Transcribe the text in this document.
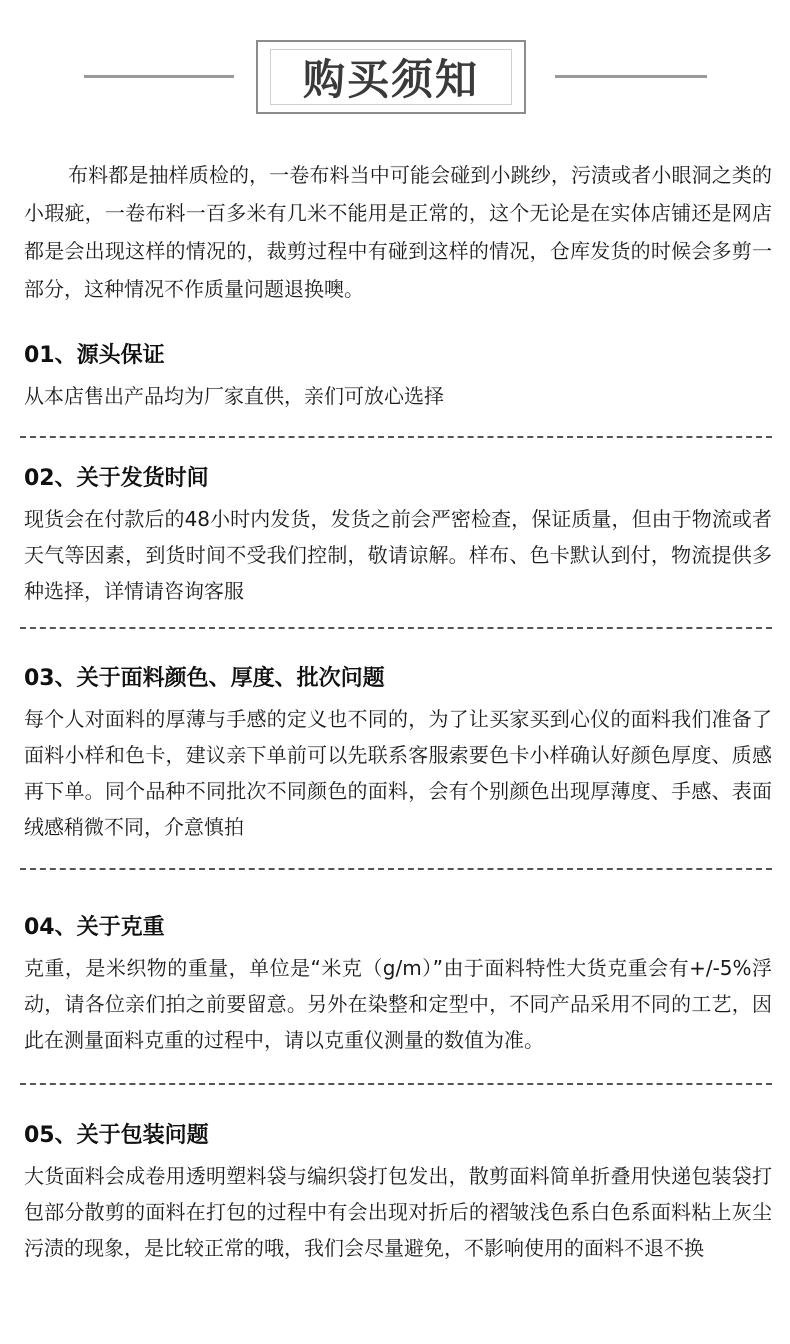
购买须知

布料都是抽样质检的，一卷布料当中可能会碰到小跳纱，污渍或者小眼洞之类的小瑕疵，一卷布料一百多米有几米不能用是正常的，这个无论是在实体店铺还是网店都是会出现这样的情况的，裁剪过程中有碰到这样的情况，仓库发货的时候会多剪一部分，这种情况不作质量问题退换噢。

01、源头保证

从本店售出产品均为厂家直供，亲们可放心选择

02、关于发货时间

现货会在付款后的48小时内发货，发货之前会严密检查，保证质量，但由于物流或者天气等因素，到货时间不受我们控制，敬请谅解。样布、色卡默认到付，物流提供多种选择，详情请咨询客服

03、关于面料颜色、厚度、批次问题

每个人对面料的厚薄与手感的定义也不同的，为了让买家买到心仪的面料我们准备了面料小样和色卡，建议亲下单前可以先联系客服索要色卡小样确认好颜色厚度、质感再下单。同个品种不同批次不同颜色的面料，会有个别颜色出现厚薄度、手感、表面绒感稍微不同，介意慎拍

04、关于克重

克重，是米织物的重量，单位是“米克（g/m）”由于面料特性大货克重会有+/-5%浮动，请各位亲们拍之前要留意。另外在染整和定型中，不同产品采用不同的工艺，因此在测量面料克重的过程中，请以克重仪测量的数值为准。

05、关于包装问题

大货面料会成卷用透明塑料袋与编织袋打包发出，散剪面料简单折叠用快递包装袋打包部分散剪的面料在打包的过程中有会出现对折后的褶皱浅色系白色系面料粘上灰尘污渍的现象，是比较正常的哦，我们会尽量避免，不影响使用的面料不退不换
